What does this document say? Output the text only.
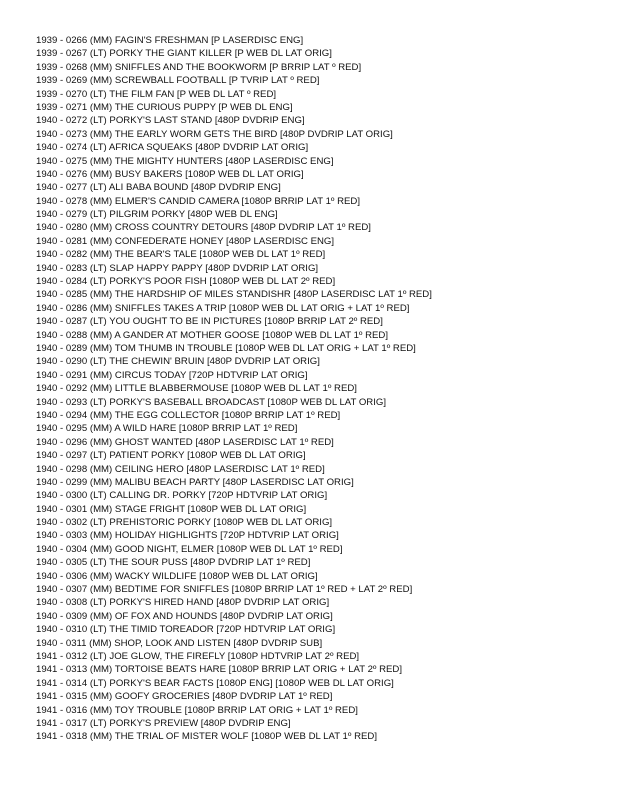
1939 - 0266 (MM) FAGIN'S FRESHMAN [P LASERDISC ENG]
1939 - 0267 (LT) PORKY THE GIANT KILLER [P WEB DL LAT ORIG]
1939 - 0268 (MM) SNIFFLES AND THE BOOKWORM [P BRRIP LAT º RED]
1939 - 0269 (MM) SCREWBALL FOOTBALL [P TVRIP LAT º RED]
1939 - 0270 (LT) THE FILM FAN [P WEB DL LAT º RED]
1939 - 0271 (MM) THE CURIOUS PUPPY [P WEB DL ENG]
1940 - 0272 (LT) PORKY'S LAST STAND [480P DVDRIP ENG]
1940 - 0273 (MM) THE EARLY WORM GETS THE BIRD [480P DVDRIP LAT ORIG]
1940 - 0274 (LT) AFRICA SQUEAKS [480P DVDRIP LAT ORIG]
1940 - 0275 (MM) THE MIGHTY HUNTERS [480P LASERDISC ENG]
1940 - 0276 (MM) BUSY BAKERS [1080P WEB DL LAT ORIG]
1940 - 0277 (LT) ALI BABA BOUND [480P DVDRIP ENG]
1940 - 0278 (MM) ELMER'S CANDID CAMERA [1080P BRRIP LAT 1º RED]
1940 - 0279 (LT) PILGRIM PORKY [480P WEB DL ENG]
1940 - 0280 (MM) CROSS COUNTRY DETOURS [480P DVDRIP LAT 1º RED]
1940 - 0281 (MM) CONFEDERATE HONEY [480P LASERDISC ENG]
1940 - 0282 (MM) THE BEAR'S TALE [1080P WEB DL LAT 1º RED]
1940 - 0283 (LT) SLAP HAPPY PAPPY [480P DVDRIP LAT ORIG]
1940 - 0284 (LT) PORKY'S POOR FISH [1080P WEB DL LAT 2º RED]
1940 - 0285 (MM) THE HARDSHIP OF MILES STANDISHR [480P LASERDISC LAT 1º RED]
1940 - 0286 (MM) SNIFFLES TAKES A TRIP [1080P WEB DL LAT ORIG + LAT 1º RED]
1940 - 0287 (LT) YOU OUGHT TO BE IN PICTURES [1080P BRRIP LAT 2º RED]
1940 - 0288 (MM) A GANDER AT MOTHER GOOSE [1080P WEB DL LAT 1º RED]
1940 - 0289 (MM) TOM THUMB IN TROUBLE [1080P WEB DL LAT ORIG + LAT 1º RED]
1940 - 0290 (LT) THE CHEWIN' BRUIN [480P DVDRIP LAT ORIG]
1940 - 0291 (MM) CIRCUS TODAY [720P HDTVRIP LAT ORIG]
1940 - 0292 (MM) LITTLE BLABBERMOUSE [1080P WEB DL LAT 1º RED]
1940 - 0293 (LT) PORKY'S BASEBALL BROADCAST [1080P WEB DL LAT ORIG]
1940 - 0294 (MM) THE EGG COLLECTOR [1080P BRRIP LAT 1º RED]
1940 - 0295 (MM) A WILD HARE [1080P BRRIP LAT 1º RED]
1940 - 0296 (MM) GHOST WANTED [480P LASERDISC LAT 1º RED]
1940 - 0297 (LT) PATIENT PORKY [1080P WEB DL LAT ORIG]
1940 - 0298 (MM) CEILING HERO [480P LASERDISC LAT 1º RED]
1940 - 0299 (MM) MALIBU BEACH PARTY [480P LASERDISC LAT ORIG]
1940 - 0300 (LT) CALLING DR. PORKY [720P HDTVRIP LAT ORIG]
1940 - 0301 (MM) STAGE FRIGHT [1080P WEB DL LAT ORIG]
1940 - 0302 (LT) PREHISTORIC PORKY [1080P WEB DL LAT ORIG]
1940 - 0303 (MM) HOLIDAY HIGHLIGHTS [720P HDTVRIP LAT ORIG]
1940 - 0304 (MM) GOOD NIGHT, ELMER [1080P WEB DL LAT 1º RED]
1940 - 0305 (LT) THE SOUR PUSS [480P DVDRIP LAT 1º RED]
1940 - 0306 (MM) WACKY WILDLIFE [1080P WEB DL LAT ORIG]
1940 - 0307 (MM) BEDTIME FOR SNIFFLES [1080P BRRIP LAT 1º RED + LAT 2º RED]
1940 - 0308 (LT) PORKY'S HIRED HAND [480P DVDRIP LAT ORIG]
1940 - 0309 (MM) OF FOX AND HOUNDS [480P DVDRIP LAT ORIG]
1940 - 0310 (LT) THE TIMID TOREADOR [720P HDTVRIP LAT ORIG]
1940 - 0311 (MM) SHOP, LOOK AND LISTEN [480P DVDRIP SUB]
1941 - 0312 (LT) JOE GLOW, THE FIREFLY [1080P HDTVRIP LAT 2º RED]
1941 - 0313 (MM) TORTOISE BEATS HARE [1080P BRRIP LAT ORIG + LAT 2º RED]
1941 - 0314 (LT) PORKY'S BEAR FACTS [1080P ENG] [1080P WEB DL LAT ORIG]
1941 - 0315 (MM) GOOFY GROCERIES [480P DVDRIP LAT 1º RED]
1941 - 0316 (MM) TOY TROUBLE [1080P BRRIP LAT ORIG + LAT 1º RED]
1941 - 0317 (LT) PORKY'S PREVIEW [480P DVDRIP ENG]
1941 - 0318 (MM) THE TRIAL OF MISTER WOLF [1080P WEB DL LAT 1º RED]
